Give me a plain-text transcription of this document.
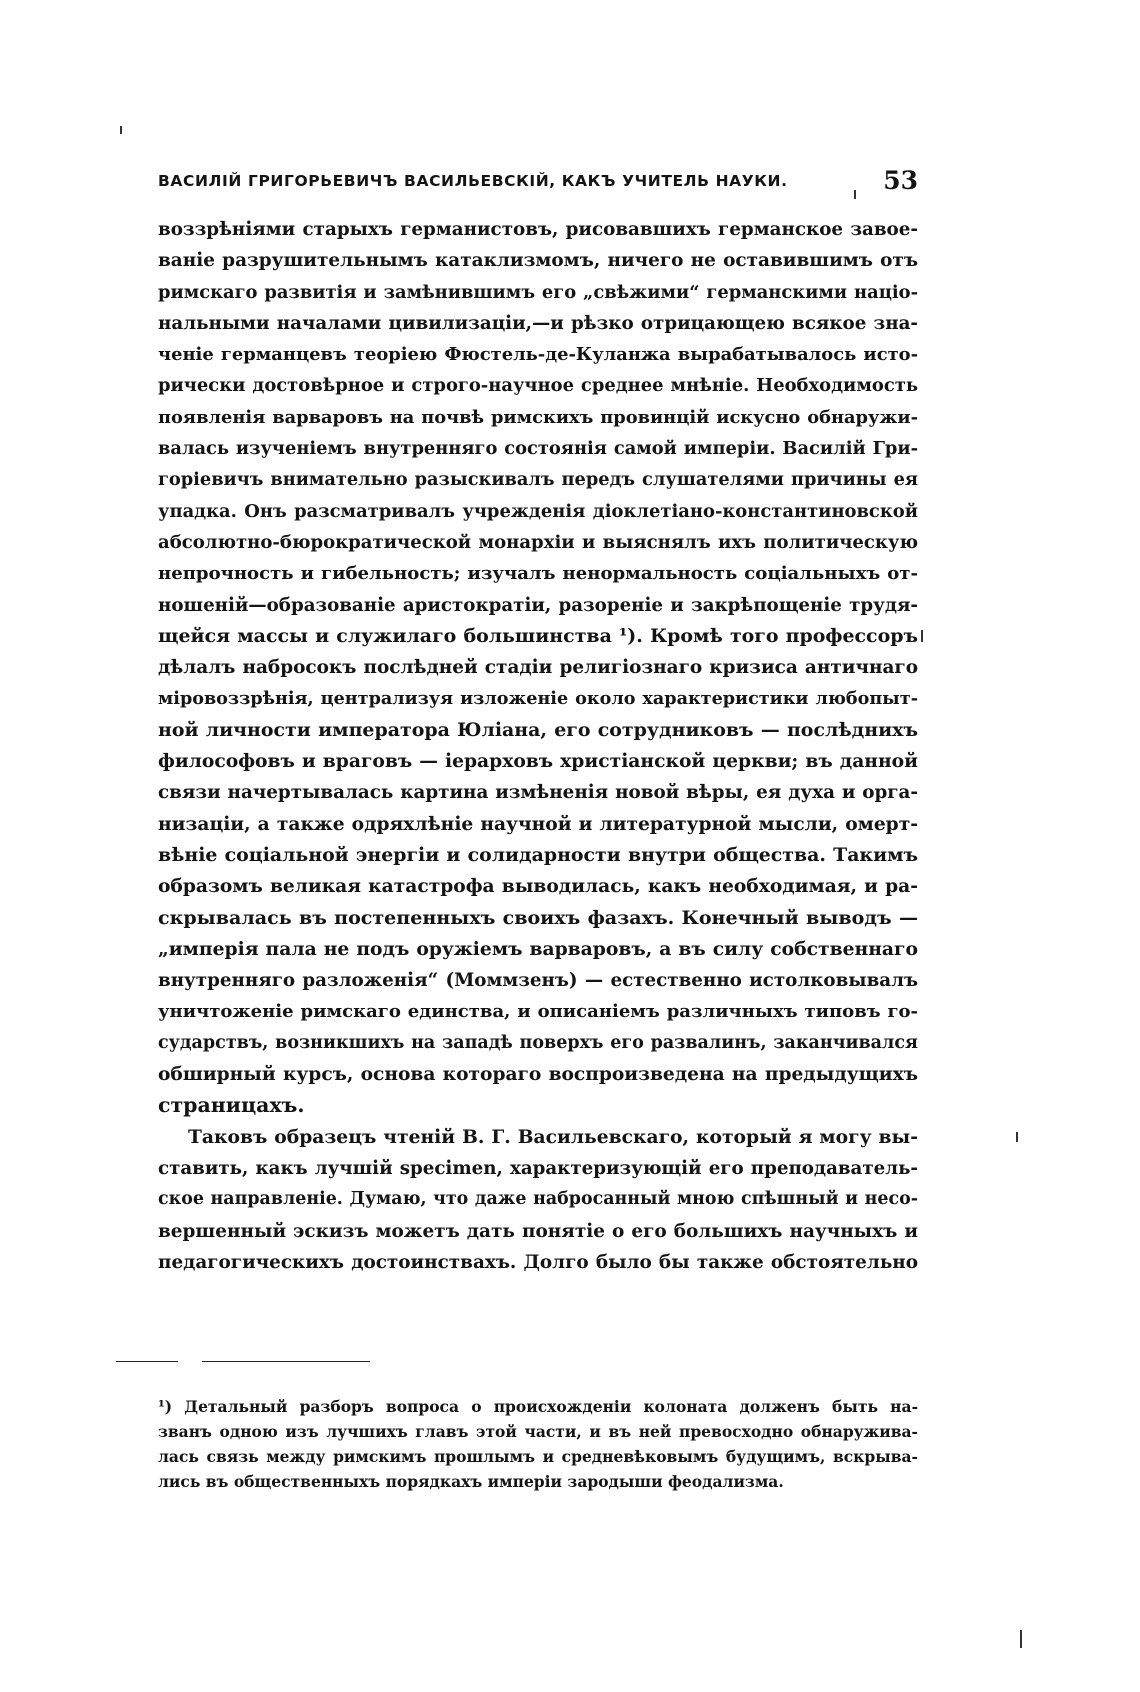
ВАСИЛІЙ ГРИГОРЬЕВИЧЪ ВАСИЛЬЕВСКІЙ, КАКЪ УЧИТЕЛЬ НАУКИ.	53
воззрѣніями старыхъ германистовъ, рисовавшихъ германское завое-
ваніе разрушительнымъ катаклизмомъ, ничего не оставившимъ отъ
римскаго развитія и замѣнившимъ его „свѣжими“ германскими націо-
нальными началами цивилизаціи,—и рѣзко отрицающею всякое зна-
ченіе германцевъ теоріею Фюстель-де-Куланжа вырабатывалось исто-
рически достовѣрное и строго-научное среднее мнѣніе. Необходимость
появленія варваровъ на почвѣ римскихъ провинцій искусно обнаружи-
валась изученіемъ внутренняго состоянія самой имперіи. Василій Гри-
горіевичъ внимательно разыскивалъ передъ слушателями причины ея
упадка. Онъ разсматривалъ учрежденія діоклетіано-константиновской
абсолютно-бюрократической монархіи и выяснялъ ихъ политическую
непрочность и гибельность; изучалъ ненормальность соціальныхъ от-
ношеній—образованіе аристократіи, разореніе и закрѣпощеніе трудя-
щейся массы и служилаго большинства ¹). Кромѣ того профессоръ
дѣлалъ набросокъ послѣдней стадіи религіознаго кризиса античнаго
міровоззрѣнія, централизуя изложеніе около характеристики любопыт-
ной личности императора Юліана, его сотрудниковъ — послѣднихъ
философовъ и враговъ — іерарховъ христіанской церкви; въ данной
связи начертывалась картина измѣненія новой вѣры, ея духа и орга-
низаціи, а также одряхлѣніе научной и литературной мысли, омерт-
вѣніе соціальной энергіи и солидарности внутри общества. Такимъ
образомъ великая катастрофа выводилась, какъ необходимая, и ра-
скрывалась въ постепенныхъ своихъ фазахъ. Конечный выводъ —
„имперія пала не подъ оружіемъ варваровъ, а въ силу собственнаго
внутренняго разложенія“ (Моммзенъ) — естественно истолковывалъ
уничтоженіе римскаго единства, и описаніемъ различныхъ типовъ го-
сударствъ, возникшихъ на западѣ поверхъ его развалинъ, заканчивался
обширный курсъ, основа котораго воспроизведена на предыдущихъ
страницахъ.
Таковъ образецъ чтеній В. Г. Васильевскаго, который я могу вы-
ставить, какъ лучшій specimen, характеризующій его преподаватель-
ское направленіе. Думаю, что даже набросанный мною спѣшный и несо-
вершенный эскизъ можетъ дать понятіе о его большихъ научныхъ и
педагогическихъ достоинствахъ. Долго было бы также обстоятельно
¹) Детальный разборъ вопроса о происхожденіи колоната долженъ быть на-
званъ одною изъ лучшихъ главъ этой части, и въ ней превосходно обнаружива-
лась связь между римскимъ прошлымъ и средневѣковымъ будущимъ, вскрыва-
лись въ общественныхъ порядкахъ имперіи зародыши феодализма.
